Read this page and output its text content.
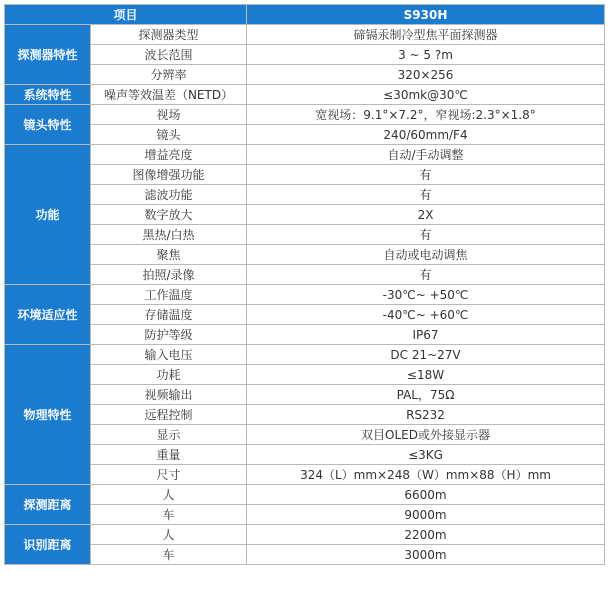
项目		S930H
探测器特性	探测器类型	碲镉汞制冷型焦平面探测器
	波长范围	3 ~ 5 ?m
	分辨率	320×256
系统特性	噪声等效温差（NETD）	≤30mk@30℃
镜头特性	视场	宽视场：9.1°×7.2°，窄视场:2.3°×1.8°
	镜头	240/60mm/F4
功能	增益亮度	自动/手动调整
	图像增强功能	有
	滤波功能	有
	数字放大	2X
	黑热/白热	有
	聚焦	自动或电动调焦
	拍照/录像	有
环境适应性	工作温度	-30℃~ +50℃
	存储温度	-40℃~ +60℃
	防护等级	IP67
物理特性	输入电压	DC 21~27V
	功耗	≤18W
	视频输出	PAL，75Ω
	远程控制	RS232
	显示	双目OLED或外接显示器
	重量	≤3KG
	尺寸	324（L）mm×248（W）mm×88（H）mm
探测距离	人	6600m
	车	9000m
识别距离	人	2200m
	车	3000m
